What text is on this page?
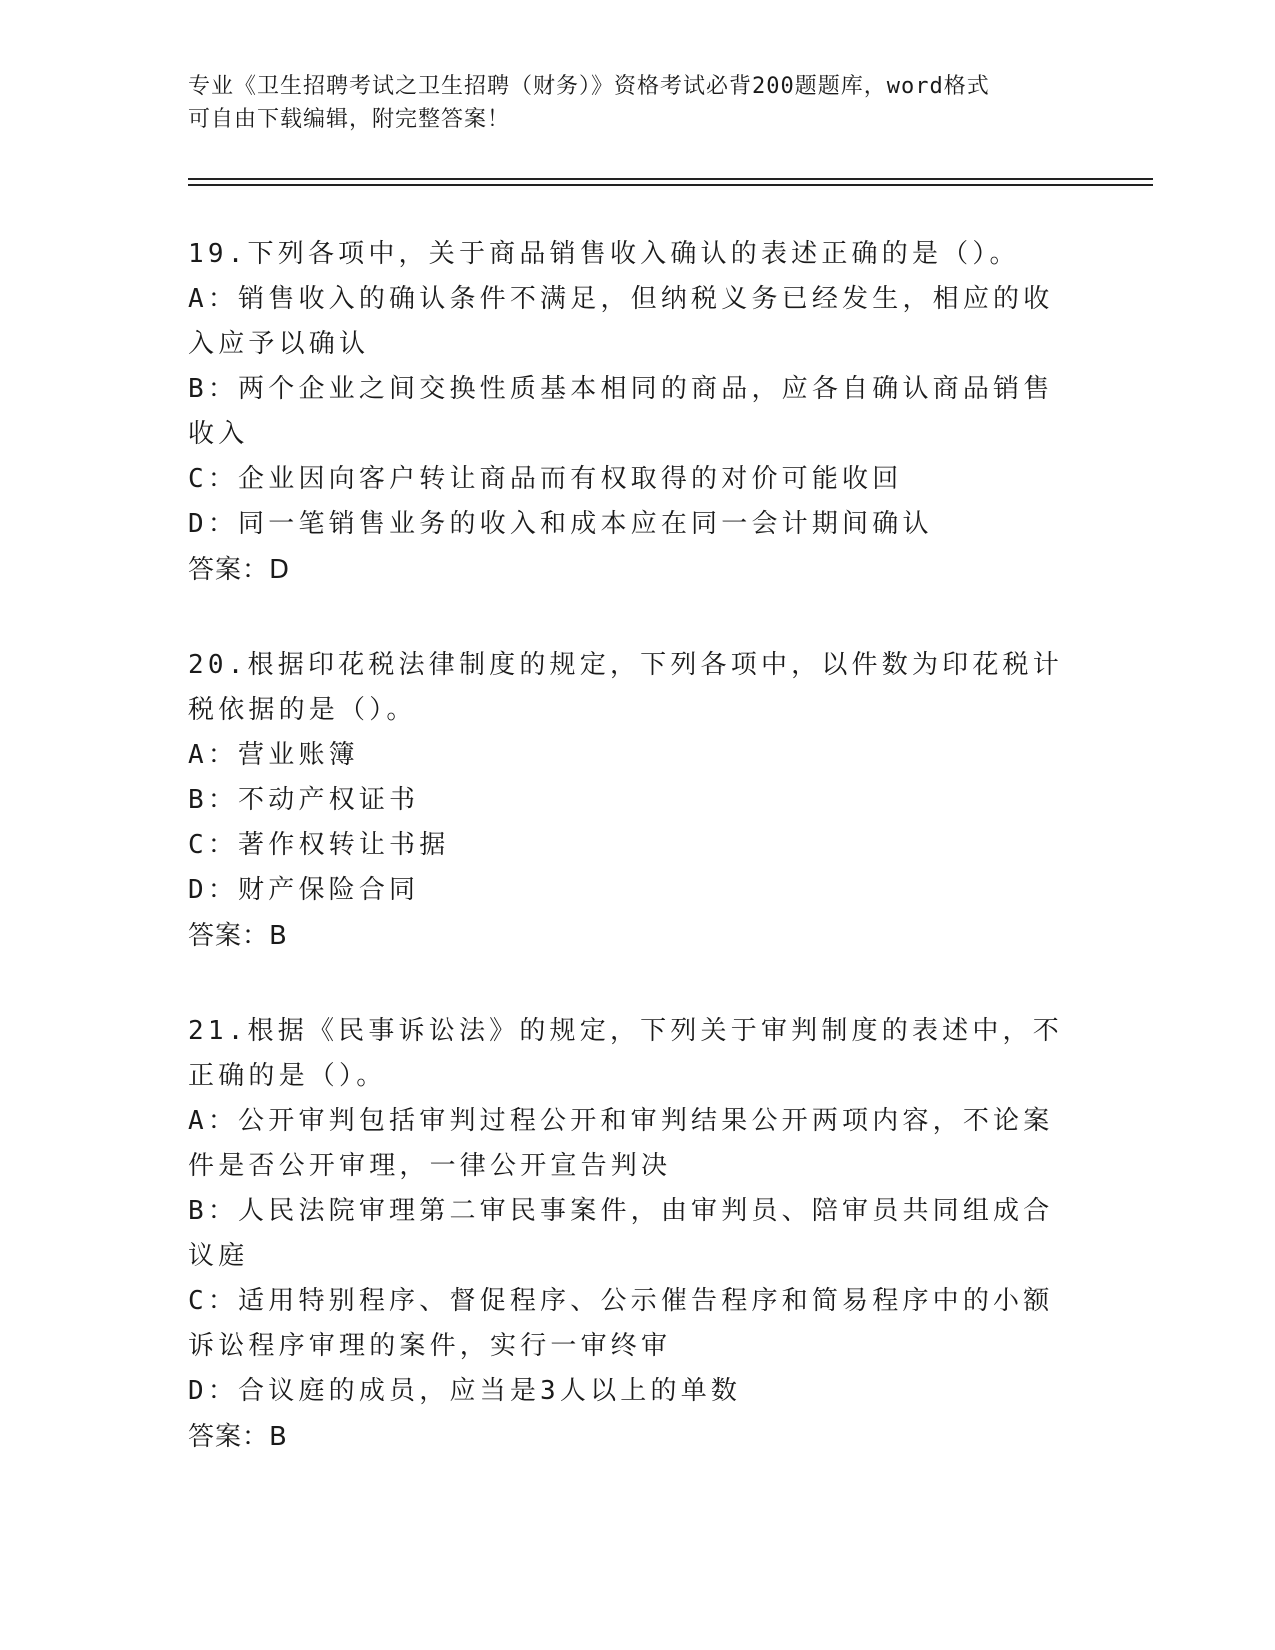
专业《卫生招聘考试之卫生招聘（财务）》资格考试必背200题题库，word格式
可自由下载编辑，附完整答案！
19.下列各项中，关于商品销售收入确认的表述正确的是（）。
A：销售收入的确认条件不满足，但纳税义务已经发生，相应的收入应予以确认
B：两个企业之间交换性质基本相同的商品，应各自确认商品销售收入
C：企业因向客户转让商品而有权取得的对价可能收回
D：同一笔销售业务的收入和成本应在同一会计期间确认
答案：D
20.根据印花税法律制度的规定，下列各项中，以件数为印花税计税依据的是（）。
A：营业账簿
B：不动产权证书
C：著作权转让书据
D：财产保险合同
答案：B
21.根据《民事诉讼法》的规定，下列关于审判制度的表述中，不正确的是（）。
A：公开审判包括审判过程公开和审判结果公开两项内容，不论案件是否公开审理，一律公开宣告判决
B：人民法院审理第二审民事案件，由审判员、陪审员共同组成合议庭
C：适用特别程序、督促程序、公示催告程序和简易程序中的小额诉讼程序审理的案件，实行一审终审
D：合议庭的成员，应当是3人以上的单数
答案：B
